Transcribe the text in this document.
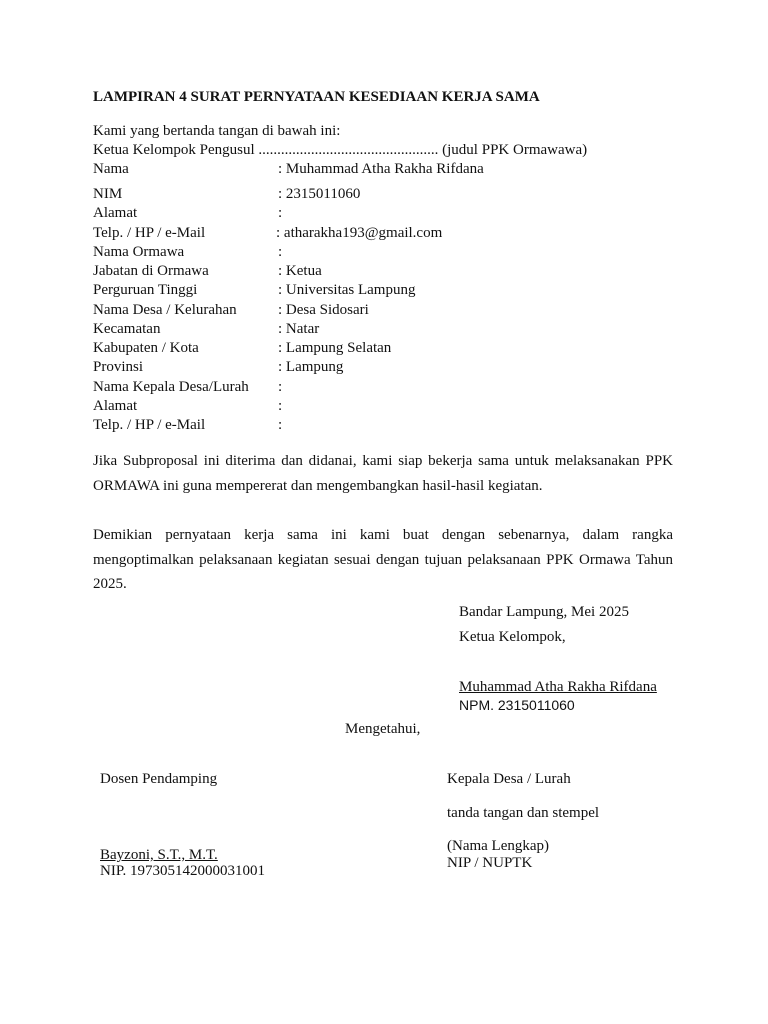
LAMPIRAN 4 SURAT PERNYATAAN KESEDIAAN KERJA SAMA
Kami yang bertanda tangan di bawah ini:
Ketua Kelompok Pengusul ................................................ (judul PPK Ormawawa)
Nama	: Muhammad Atha Rakha Rifdana
NIM	: 2315011060
Alamat	:
Telp. / HP / e-Mail	: atharakha193@gmail.com
Nama Ormawa	:
Jabatan di Ormawa	: Ketua
Perguruan Tinggi	: Universitas Lampung
Nama Desa / Kelurahan	: Desa Sidosari
Kecamatan	: Natar
Kabupaten / Kota	: Lampung Selatan
Provinsi	: Lampung
Nama Kepala Desa/Lurah :
Alamat	:
Telp. / HP / e-Mail	:

Jika Subproposal ini diterima dan didanai, kami siap bekerja sama untuk melaksanakan PPK ORMAWA ini guna mempererat dan mengembangkan hasil-hasil kegiatan.

Demikian pernyataan kerja sama ini kami buat dengan sebenarnya, dalam rangka mengoptimalkan pelaksanaan kegiatan sesuai dengan tujuan pelaksanaan PPK Ormawa Tahun 2025.

Bandar Lampung, Mei 2025
Ketua Kelompok,
Muhammad Atha Rakha Rifdana
NPM. 2315011060
Mengetahui,
Dosen Pendamping
Bayzoni, S.T., M.T.
NIP. 197305142000031001
Kepala Desa / Lurah
tanda tangan dan stempel
(Nama Lengkap)
NIP / NUPTK
